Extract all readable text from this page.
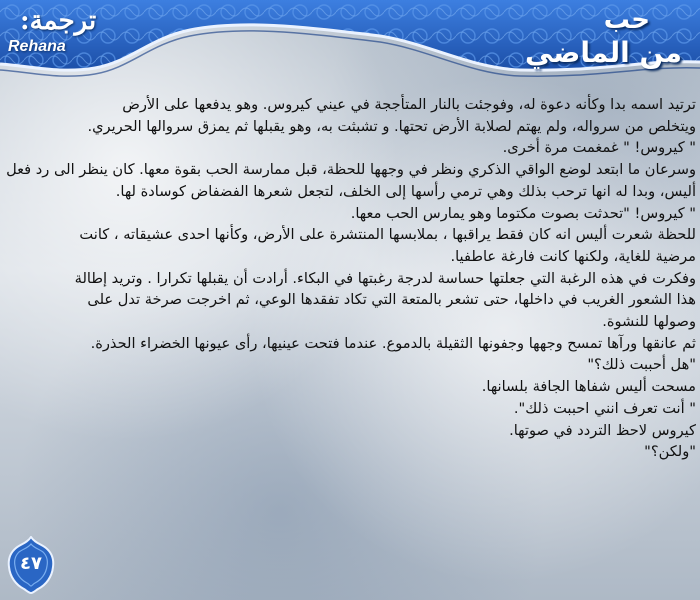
ترجمة:
Rehana
حب
من الماضي

ترتيد اسمه بدا وكأنه دعوة له، وفوجئت بالنار المتأججة في عيني كيروس. وهو يدفعها على الأرض

ويتخلص من سرواله، ولم يهتم لصلابة الأرض تحتها. و تشبثت به، وهو يقبلها ثم يمزق سروالها الحريري.

" كيروس! " غمغمت مرة أخرى.

وسرعان ما ابتعد لوضع الواقي الذكري ونظر في وجهها للحظة، قبل ممارسة الحب بقوة معها. كان ينظر الى رد فعل

أليس، وبدا له انها ترحب بذلك وهي ترمي رأسها إلى الخلف، لتجعل شعرها الفضفاض كوسادة لها.

" كيروس! "تحدثت بصوت مكتوما وهو يمارس الحب معها.

للحظة شعرت أليس انه كان فقط يراقبها ، بملابسها المنتشرة على الأرض، وكأنها احدى عشيقاته ، كانت

مرضية للغاية، ولكنها كانت فارغة عاطفيا.

وفكرت في هذه الرغبة التي جعلتها حساسة لدرجة رغبتها في البكاء. أرادت أن يقبلها تكرارا . وتريد إطالة

هذا الشعور الغريب في داخلها، حتى تشعر بالمتعة التي تكاد تفقدها الوعي، ثم اخرجت صرخة تدل على

وصولها للنشوة.

ثم عانقها ورآها تمسح وجهها وجفونها الثقيلة بالدموع. عندما فتحت عينيها، رأى عيونها الخضراء الحذرة.

"هل أحببت ذلك؟"

مسحت أليس شفاها الجافة بلسانها.

" أنت تعرف انني احببت ذلك".

كيروس لاحظ التردد في صوتها.

"ولكن؟"

٤٧
